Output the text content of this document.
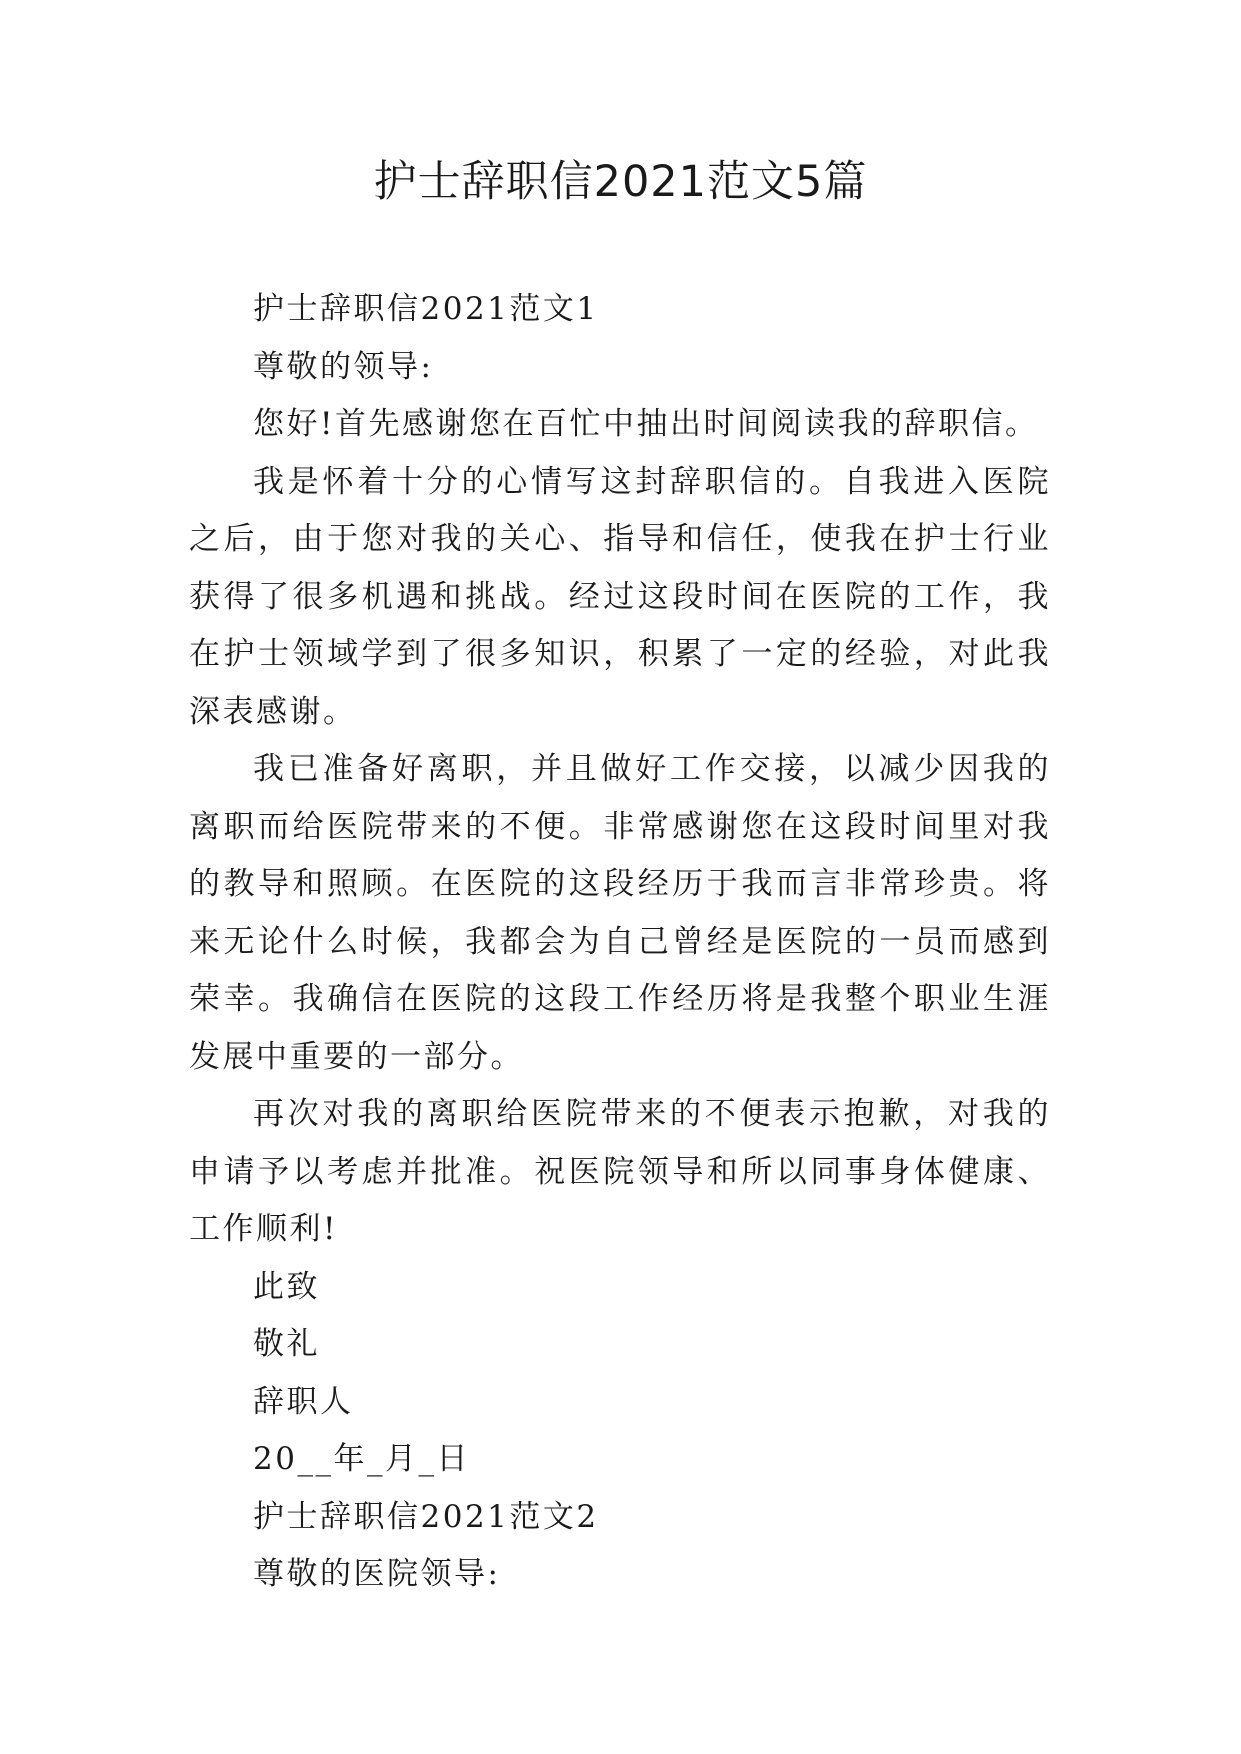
护士辞职信2021范文5篇

护士辞职信2021范文1

尊敬的领导:

您好!首先感谢您在百忙中抽出时间阅读我的辞职信。

我是怀着十分的心情写这封辞职信的。自我进入医院之后，由于您对我的关心、指导和信任，使我在护士行业获得了很多机遇和挑战。经过这段时间在医院的工作，我在护士领域学到了很多知识，积累了一定的经验，对此我深表感谢。

我已准备好离职，并且做好工作交接，以减少因我的离职而给医院带来的不便。非常感谢您在这段时间里对我的教导和照顾。在医院的这段经历于我而言非常珍贵。将来无论什么时候，我都会为自己曾经是医院的一员而感到荣幸。我确信在医院的这段工作经历将是我整个职业生涯发展中重要的一部分。

再次对我的离职给医院带来的不便表示抱歉，对我的申请予以考虑并批准。祝医院领导和所以同事身体健康、工作顺利!

此致

敬礼

辞职人

20__年_月_日

护士辞职信2021范文2

尊敬的医院领导:
